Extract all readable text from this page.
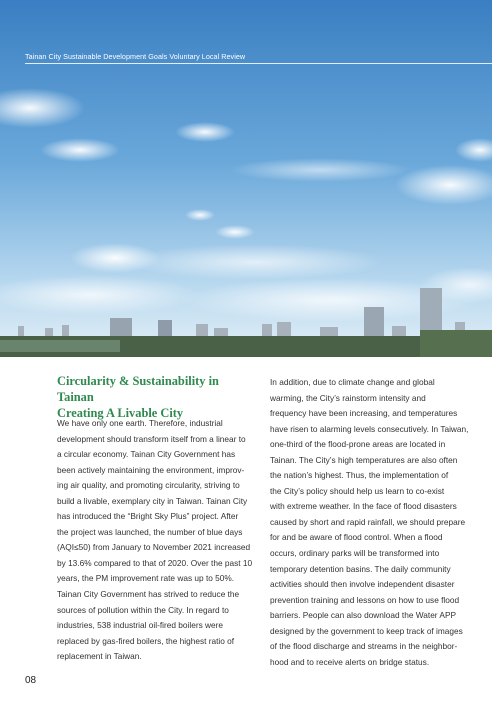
Tainan City Sustainable Development Goals Voluntary Local Review
Circularity & Sustainability in Tainan
Creating A Livable City
We have only one earth. Therefore, industrial
development should transform itself from a linear to
a circular economy. Tainan City Government has
been actively maintaining the environment, improv-
ing air quality, and promoting circularity, striving to
build a livable, exemplary city in Taiwan. Tainan City
has introduced the “Bright Sky Plus” project. After
the project was launched, the number of blue days
(AQI≤50) from January to November 2021 increased
by 13.6% compared to that of 2020. Over the past 10
years, the PM improvement rate was up to 50%.
Tainan City Government has strived to reduce the
sources of pollution within the City. In regard to
industries, 538 industrial oil-fired boilers were
replaced by gas-fired boilers, the highest ratio of
replacement in Taiwan.
In addition, due to climate change and global
warming, the City’s rainstorm intensity and
frequency have been increasing, and temperatures
have risen to alarming levels consecutively. In Taiwan,
one-third of the flood-prone areas are located in
Tainan. The City’s high temperatures are also often
the nation’s highest. Thus, the implementation of
the City’s policy should help us learn to co-exist
with extreme weather. In the face of flood disasters
caused by short and rapid rainfall, we should prepare
for and be aware of flood control. When a flood
occurs, ordinary parks will be transformed into
temporary detention basins. The daily community
activities should then involve independent disaster
prevention training and lessons on how to use flood
barriers. People can also download the Water APP
designed by the government to keep track of images
of the flood discharge and streams in the neighbor-
hood and to receive alerts on bridge status.
08
